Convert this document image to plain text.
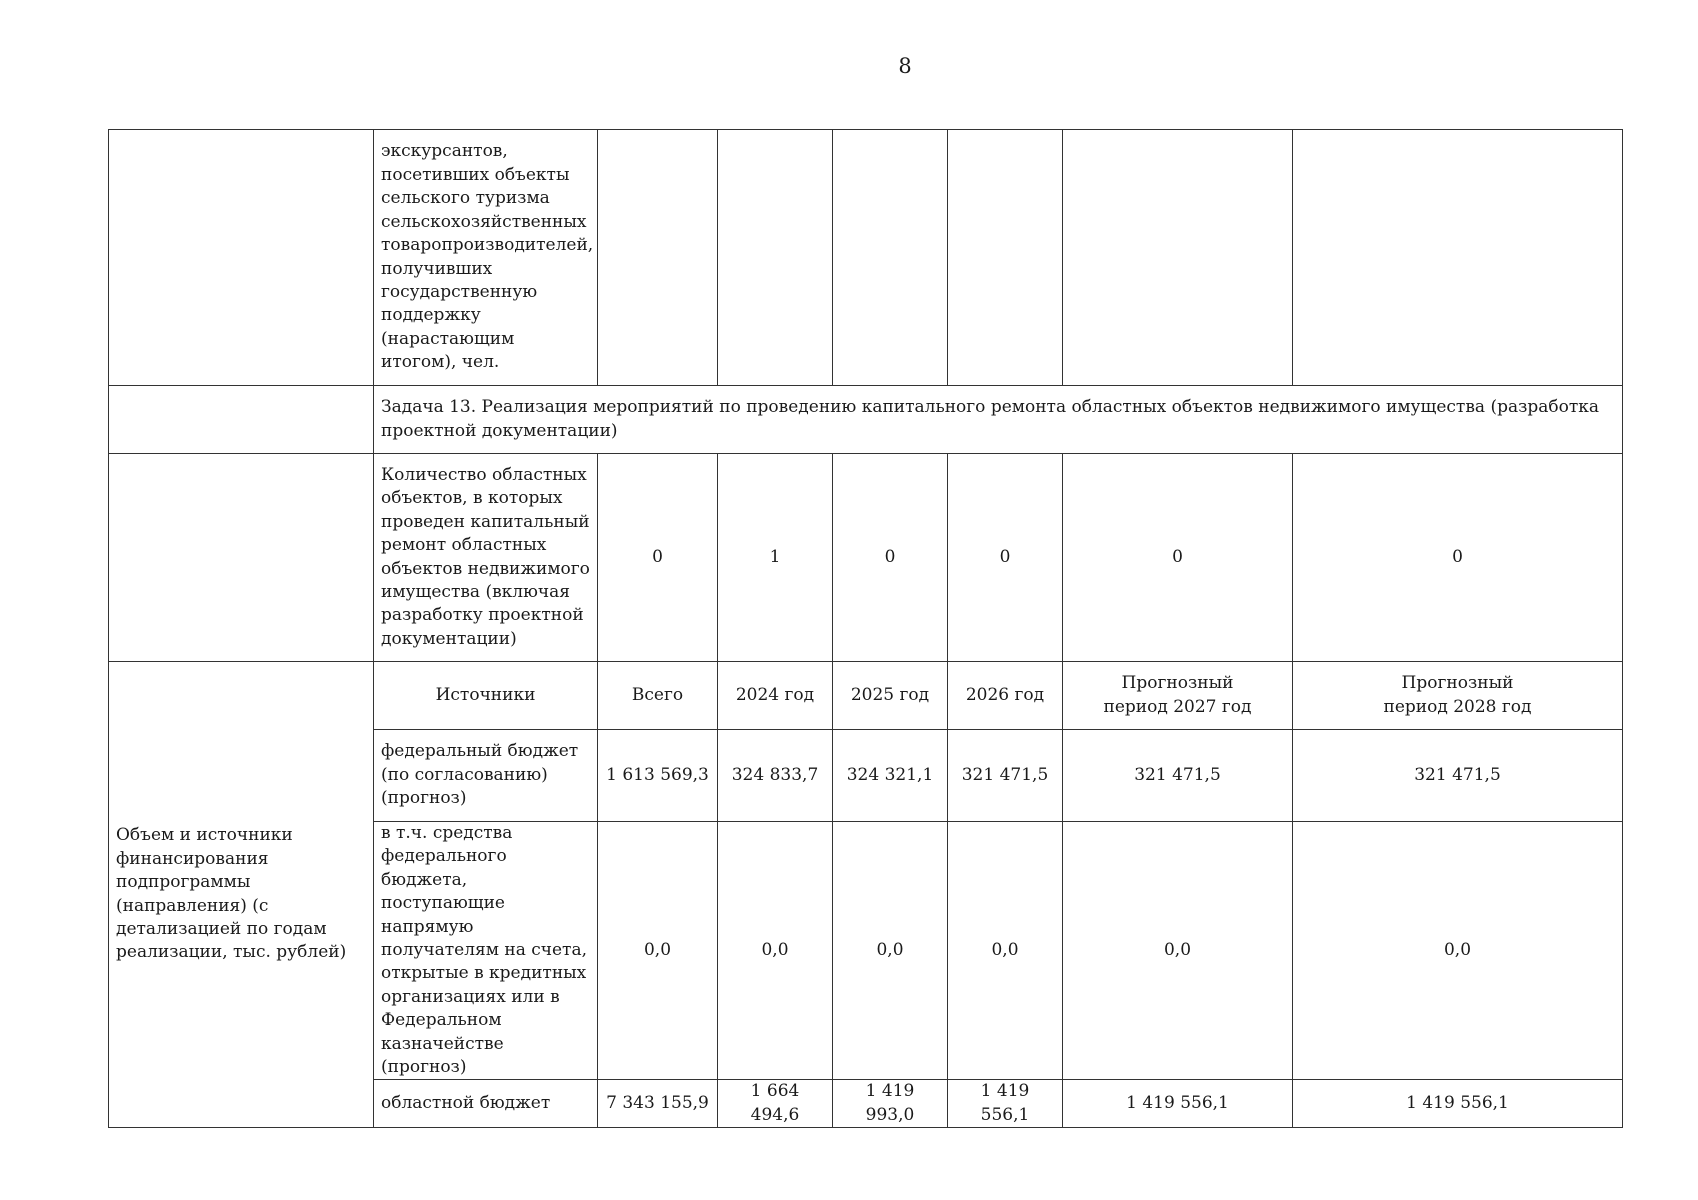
8
	экскурсантов, посетивших объекты сельского туризма сельскохозяйственных товаропроизводителей, получивших государственную поддержку (нарастающим итогом), чел.						
	Задача 13. Реализация мероприятий по проведению капитального ремонта областных объектов недвижимого имущества (разработка проектной документации)						
	Количество областных объектов, в которых проведен капитальный ремонт областных объектов недвижимого имущества (включая разработку проектной документации)	0	1	0	0	0	0
Объем и источники финансирования подпрограммы (направления) (с детализацией по годам реализации, тыс. рублей)	Источники	Всего	2024 год	2025 год	2026 год	Прогнозный период 2027 год	Прогнозный период 2028 год
	федеральный бюджет (по согласованию) (прогноз)	1 613 569,3	324 833,7	324 321,1	321 471,5	321 471,5	321 471,5
	в т.ч. средства федерального бюджета, поступающие напрямую получателям на счета, открытые в кредитных организациях или в Федеральном казначействе (прогноз)	0,0	0,0	0,0	0,0	0,0	0,0
	областной бюджет	7 343 155,9	1 664 494,6	1 419 993,0	1 419 556,1	1 419 556,1	1 419 556,1
